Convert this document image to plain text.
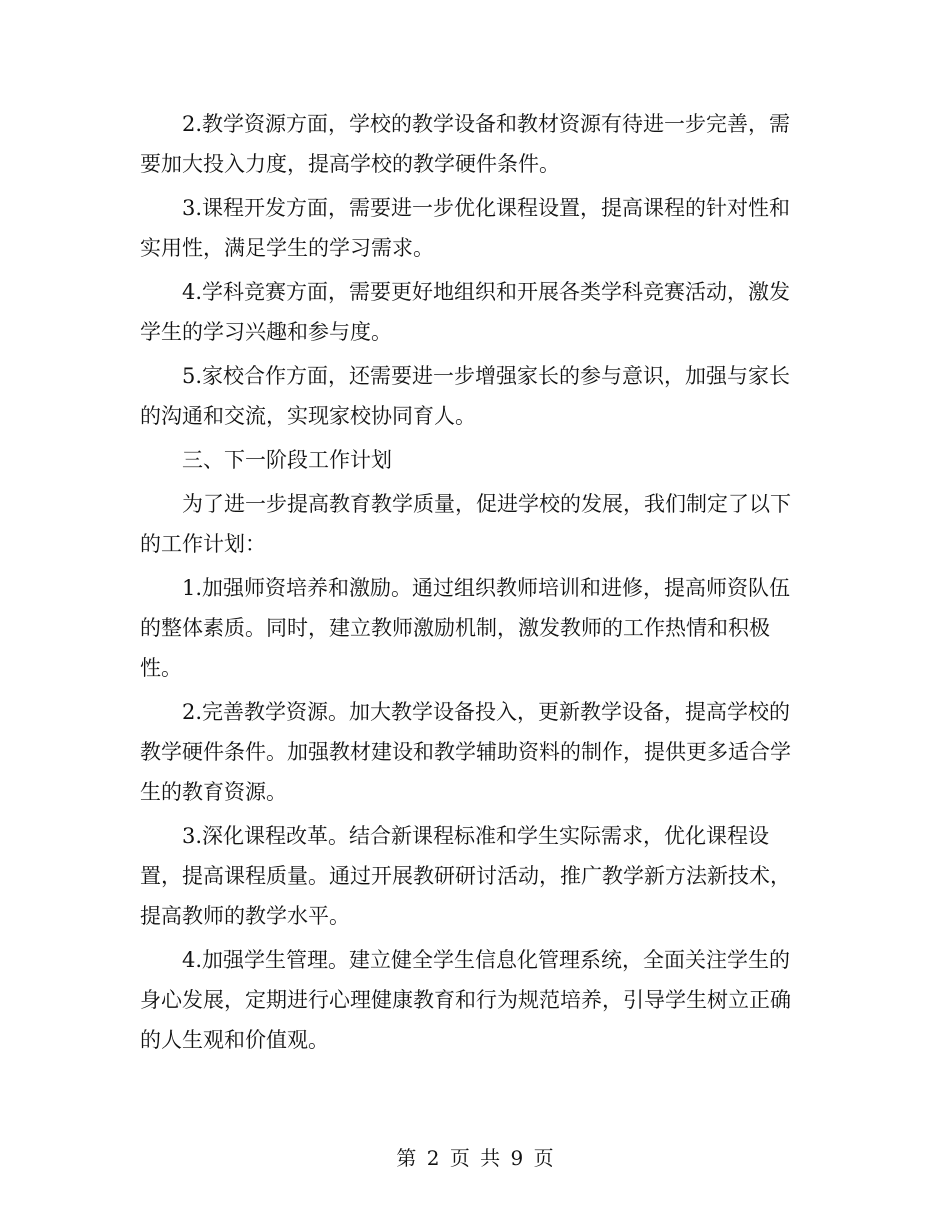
2.教学资源方面，学校的教学设备和教材资源有待进一步完善，需要加大投入力度，提高学校的教学硬件条件。

3.课程开发方面，需要进一步优化课程设置，提高课程的针对性和实用性，满足学生的学习需求。

4.学科竞赛方面，需要更好地组织和开展各类学科竞赛活动，激发学生的学习兴趣和参与度。

5.家校合作方面，还需要进一步增强家长的参与意识，加强与家长的沟通和交流，实现家校协同育人。

三、下一阶段工作计划

为了进一步提高教育教学质量，促进学校的发展，我们制定了以下的工作计划：

1.加强师资培养和激励。通过组织教师培训和进修，提高师资队伍的整体素质。同时，建立教师激励机制，激发教师的工作热情和积极性。

2.完善教学资源。加大教学设备投入，更新教学设备，提高学校的教学硬件条件。加强教材建设和教学辅助资料的制作，提供更多适合学生的教育资源。

3.深化课程改革。结合新课程标准和学生实际需求，优化课程设置，提高课程质量。通过开展教研研讨活动，推广教学新方法新技术，提高教师的教学水平。

4.加强学生管理。建立健全学生信息化管理系统，全面关注学生的身心发展，定期进行心理健康教育和行为规范培养，引导学生树立正确的人生观和价值观。

第 2 页 共 9 页
